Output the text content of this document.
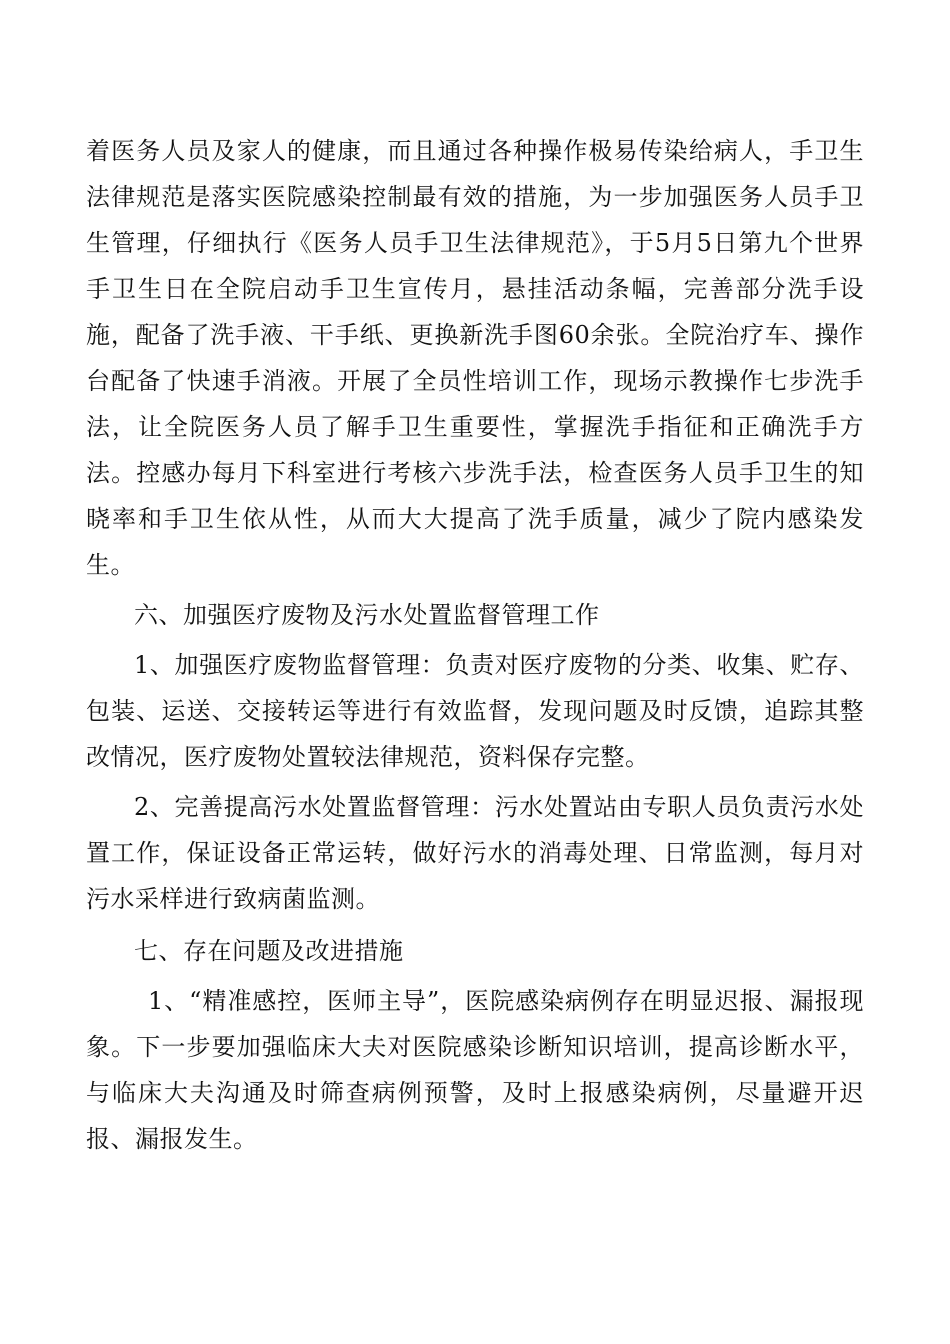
着医务人员及家人的健康，而且通过各种操作极易传染给病人，手卫生法律规范是落实医院感染控制最有效的措施，为一步加强医务人员手卫生管理，仔细执行《医务人员手卫生法律规范》，于5月5日第九个世界手卫生日在全院启动手卫生宣传月，悬挂活动条幅，完善部分洗手设施，配备了洗手液、干手纸、更换新洗手图60余张。全院治疗车、操作台配备了快速手消液。开展了全员性培训工作，现场示教操作七步洗手法，让全院医务人员了解手卫生重要性，掌握洗手指征和正确洗手方法。控感办每月下科室进行考核六步洗手法，检查医务人员手卫生的知晓率和手卫生依从性，从而大大提高了洗手质量，减少了院内感染发生。

六、加强医疗废物及污水处置监督管理工作

1、加强医疗废物监督管理：负责对医疗废物的分类、收集、贮存、包装、运送、交接转运等进行有效监督，发现问题及时反馈，追踪其整改情况，医疗废物处置较法律规范，资料保存完整。

2、完善提高污水处置监督管理：污水处置站由专职人员负责污水处置工作，保证设备正常运转，做好污水的消毒处理、日常监测，每月对污水采样进行致病菌监测。

七、存在问题及改进措施

1、“精准感控，医师主导”，医院感染病例存在明显迟报、漏报现象。下一步要加强临床大夫对医院感染诊断知识培训，提高诊断水平，与临床大夫沟通及时筛查病例预警，及时上报感染病例，尽量避开迟报、漏报发生。
